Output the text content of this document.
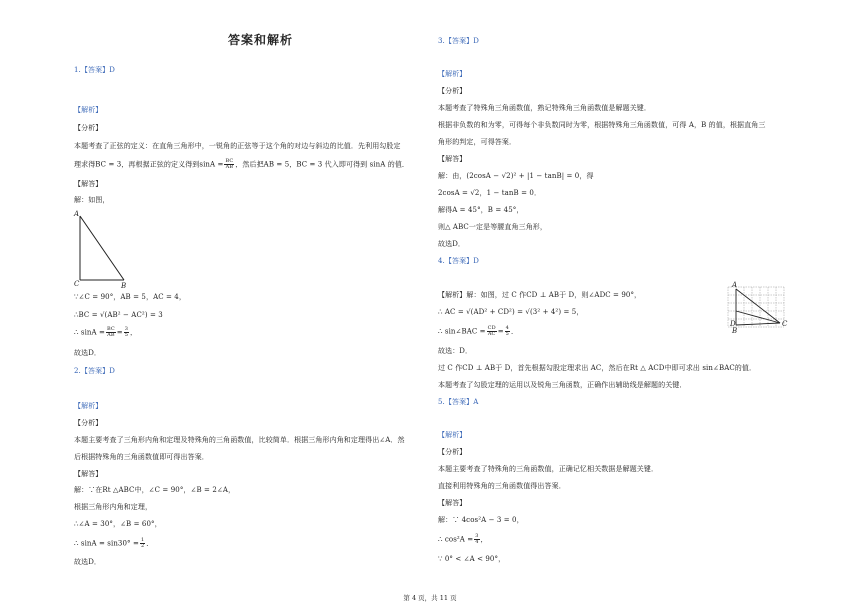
答案和解析
1.【答案】D
【解析】
【分析】
本题考查了正弦的定义：在直角三角形中，一锐角的正弦等于这个角的对边与斜边的比值．先利用勾股定
理求得BC = 3，再根据正弦的定义得到$\sin A = \frac{BC}{AB}$ ，然后把AB = 5，BC = 3 代入即可得到 sinA 的值．
【解答】
解：如图，
A
C	B
∵∠C = 90°，AB = 5，AC = 4，
∴BC = √(AB² − AC²) = 3
∴ $\sin A = \frac{BC}{AB} = \frac{3}{5}$ ，
故选D．
2.【答案】D
【解析】
【分析】
本题主要考查了三角形内角和定理及特殊角的三角函数值，比较简单．根据三角形内角和定理得出∠A．然
后根据特殊角的三角函数值即可得出答案．
【解答】
解：∵在Rt △ABC中，∠C = 90°，∠B = 2∠A，
根据三角形内角和定理，
∴∠A = 30°，∠B = 60°，
∴ $\sin A = \sin 30^\circ = \frac{1}{2}$ ．
故选D．
3.【答案】D
【解析】
【分析】
本题考查了特殊角三角函数值，熟记特殊角三角函数值是解题关键．
根据非负数的和为零，可得每个非负数同时为零，根据特殊角三角函数值，可得 A，B 的值，根据直角三
角形的判定，可得答案．
【解答】
解：由，(2cosA − √2)² + |1 − tanB| = 0，得
2cosA = √2，1 − tanB = 0．
解得A = 45°，B = 45°，
则△ ABC一定是等腰直角三角形，
故选D．
4.【答案】D
【解析】解：如图，过 C 作CD ⊥ AB于 D，则∠ADC = 90°，
∴ AC = √(AD² + CD²) = √(3² + 4²) = 5，
∴ sin∠BAC = $\frac{CD}{AC} = \frac{4}{5}$ ．
故选：D．
过 C 作CD ⊥ AB于 D，首先根据勾股定理求出 AC，然后在Rt △ ACD中即可求出 sin∠BAC的值．
本题考查了勾股定理的运用以及锐角三角函数，正确作出辅助线是解题的关键．
A
D
B
C
5.【答案】A
【解析】
【分析】
本题主要考查了特殊角的三角函数值，正确记忆相关数据是解题关键．
直接利用特殊角的三角函数值得出答案．
【解答】
解：∵ 4cos²A − 3 = 0，
∴ $\cos^2A = \frac{3}{4}$ ，
∵ 0° < ∠A < 90°，
第 4 页，共 11 页
